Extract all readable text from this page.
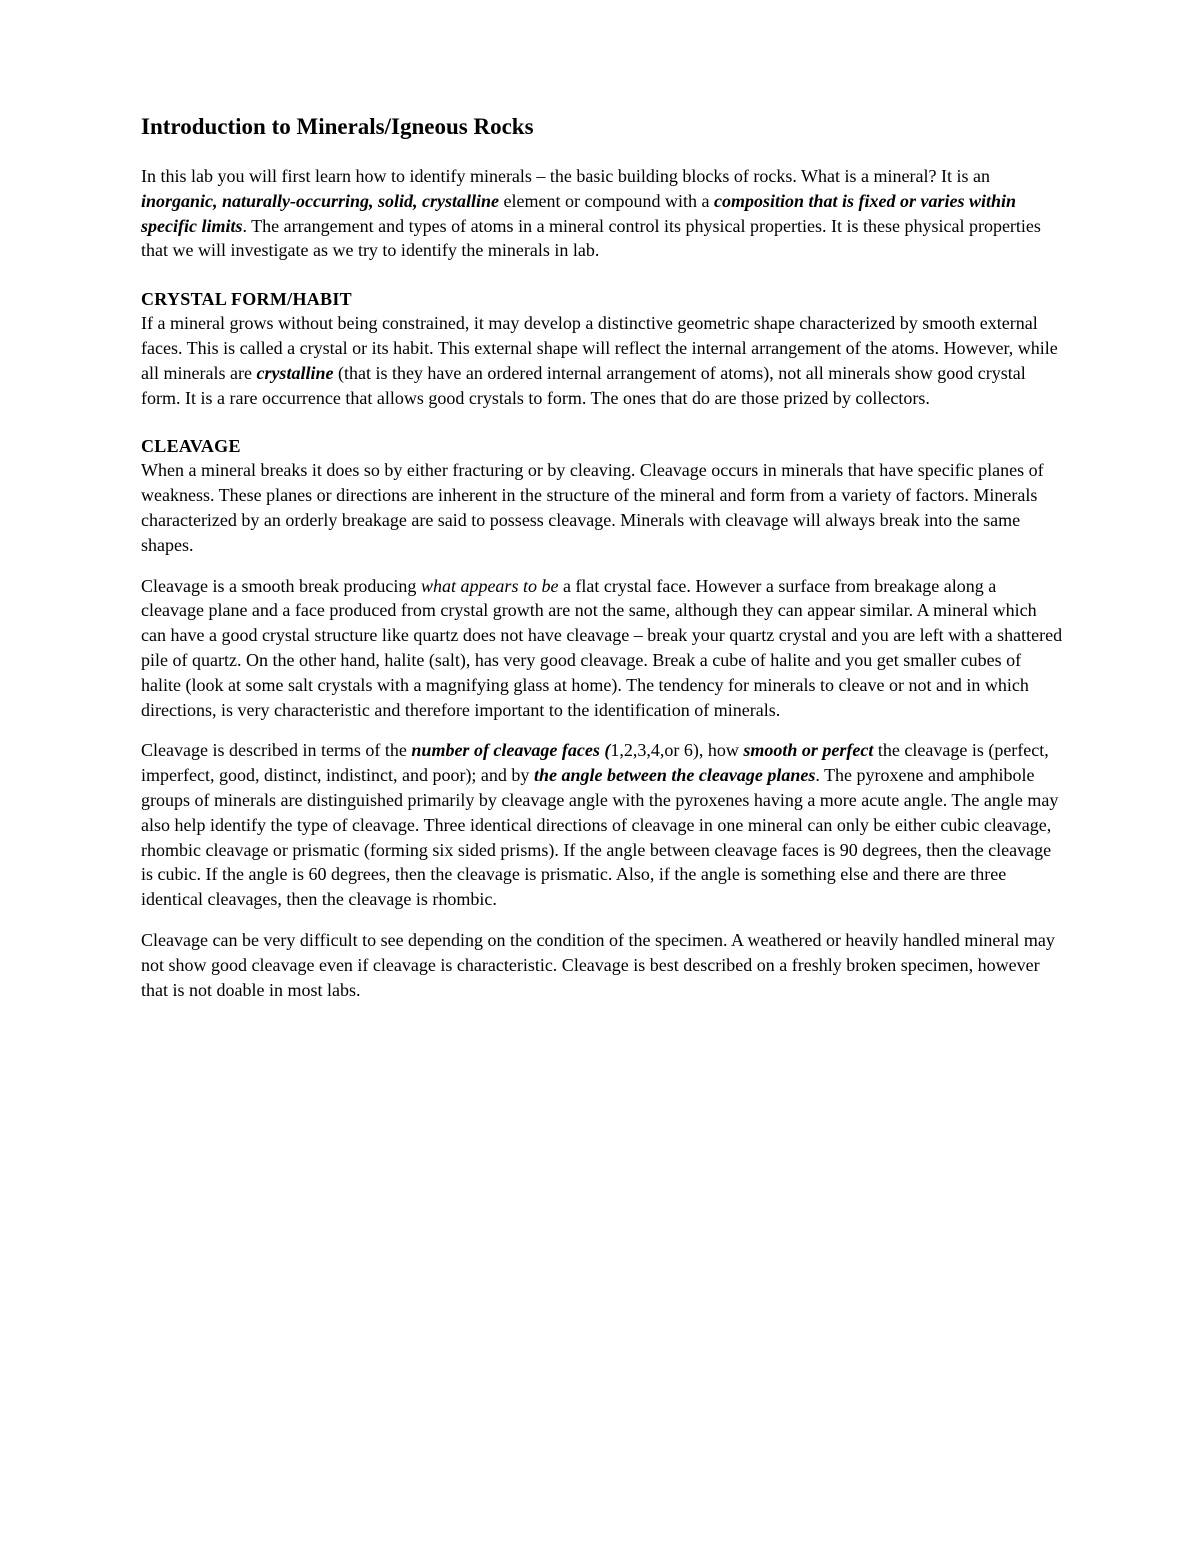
Introduction to Minerals/Igneous Rocks

In this lab you will first learn how to identify minerals – the basic building blocks of rocks. What is a mineral? It is an inorganic, naturally-occurring, solid, crystalline element or compound with a composition that is fixed or varies within specific limits. The arrangement and types of atoms in a mineral control its physical properties. It is these physical properties that we will investigate as we try to identify the minerals in lab.

CRYSTAL FORM/HABIT

If a mineral grows without being constrained, it may develop a distinctive geometric shape characterized by smooth external faces. This is called a crystal or its habit. This external shape will reflect the internal arrangement of the atoms. However, while all minerals are crystalline (that is they have an ordered internal arrangement of atoms), not all minerals show good crystal form. It is a rare occurrence that allows good crystals to form. The ones that do are those prized by collectors.

CLEAVAGE

When a mineral breaks it does so by either fracturing or by cleaving. Cleavage occurs in minerals that have specific planes of weakness. These planes or directions are inherent in the structure of the mineral and form from a variety of factors. Minerals characterized by an orderly breakage are said to possess cleavage. Minerals with cleavage will always break into the same shapes.

Cleavage is a smooth break producing what appears to be a flat crystal face. However a surface from breakage along a cleavage plane and a face produced from crystal growth are not the same, although they can appear similar. A mineral which can have a good crystal structure like quartz does not have cleavage – break your quartz crystal and you are left with a shattered pile of quartz. On the other hand, halite (salt), has very good cleavage. Break a cube of halite and you get smaller cubes of halite (look at some salt crystals with a magnifying glass at home). The tendency for minerals to cleave or not and in which directions, is very characteristic and therefore important to the identification of minerals.

Cleavage is described in terms of the number of cleavage faces (1,2,3,4,or 6), how smooth or perfect the cleavage is (perfect, imperfect, good, distinct, indistinct, and poor); and by the angle between the cleavage planes. The pyroxene and amphibole groups of minerals are distinguished primarily by cleavage angle with the pyroxenes having a more acute angle. The angle may also help identify the type of cleavage. Three identical directions of cleavage in one mineral can only be either cubic cleavage, rhombic cleavage or prismatic (forming six sided prisms). If the angle between cleavage faces is 90 degrees, then the cleavage is cubic. If the angle is 60 degrees, then the cleavage is prismatic. Also, if the angle is something else and there are three identical cleavages, then the cleavage is rhombic.

Cleavage can be very difficult to see depending on the condition of the specimen. A weathered or heavily handled mineral may not show good cleavage even if cleavage is characteristic. Cleavage is best described on a freshly broken specimen, however that is not doable in most labs.
